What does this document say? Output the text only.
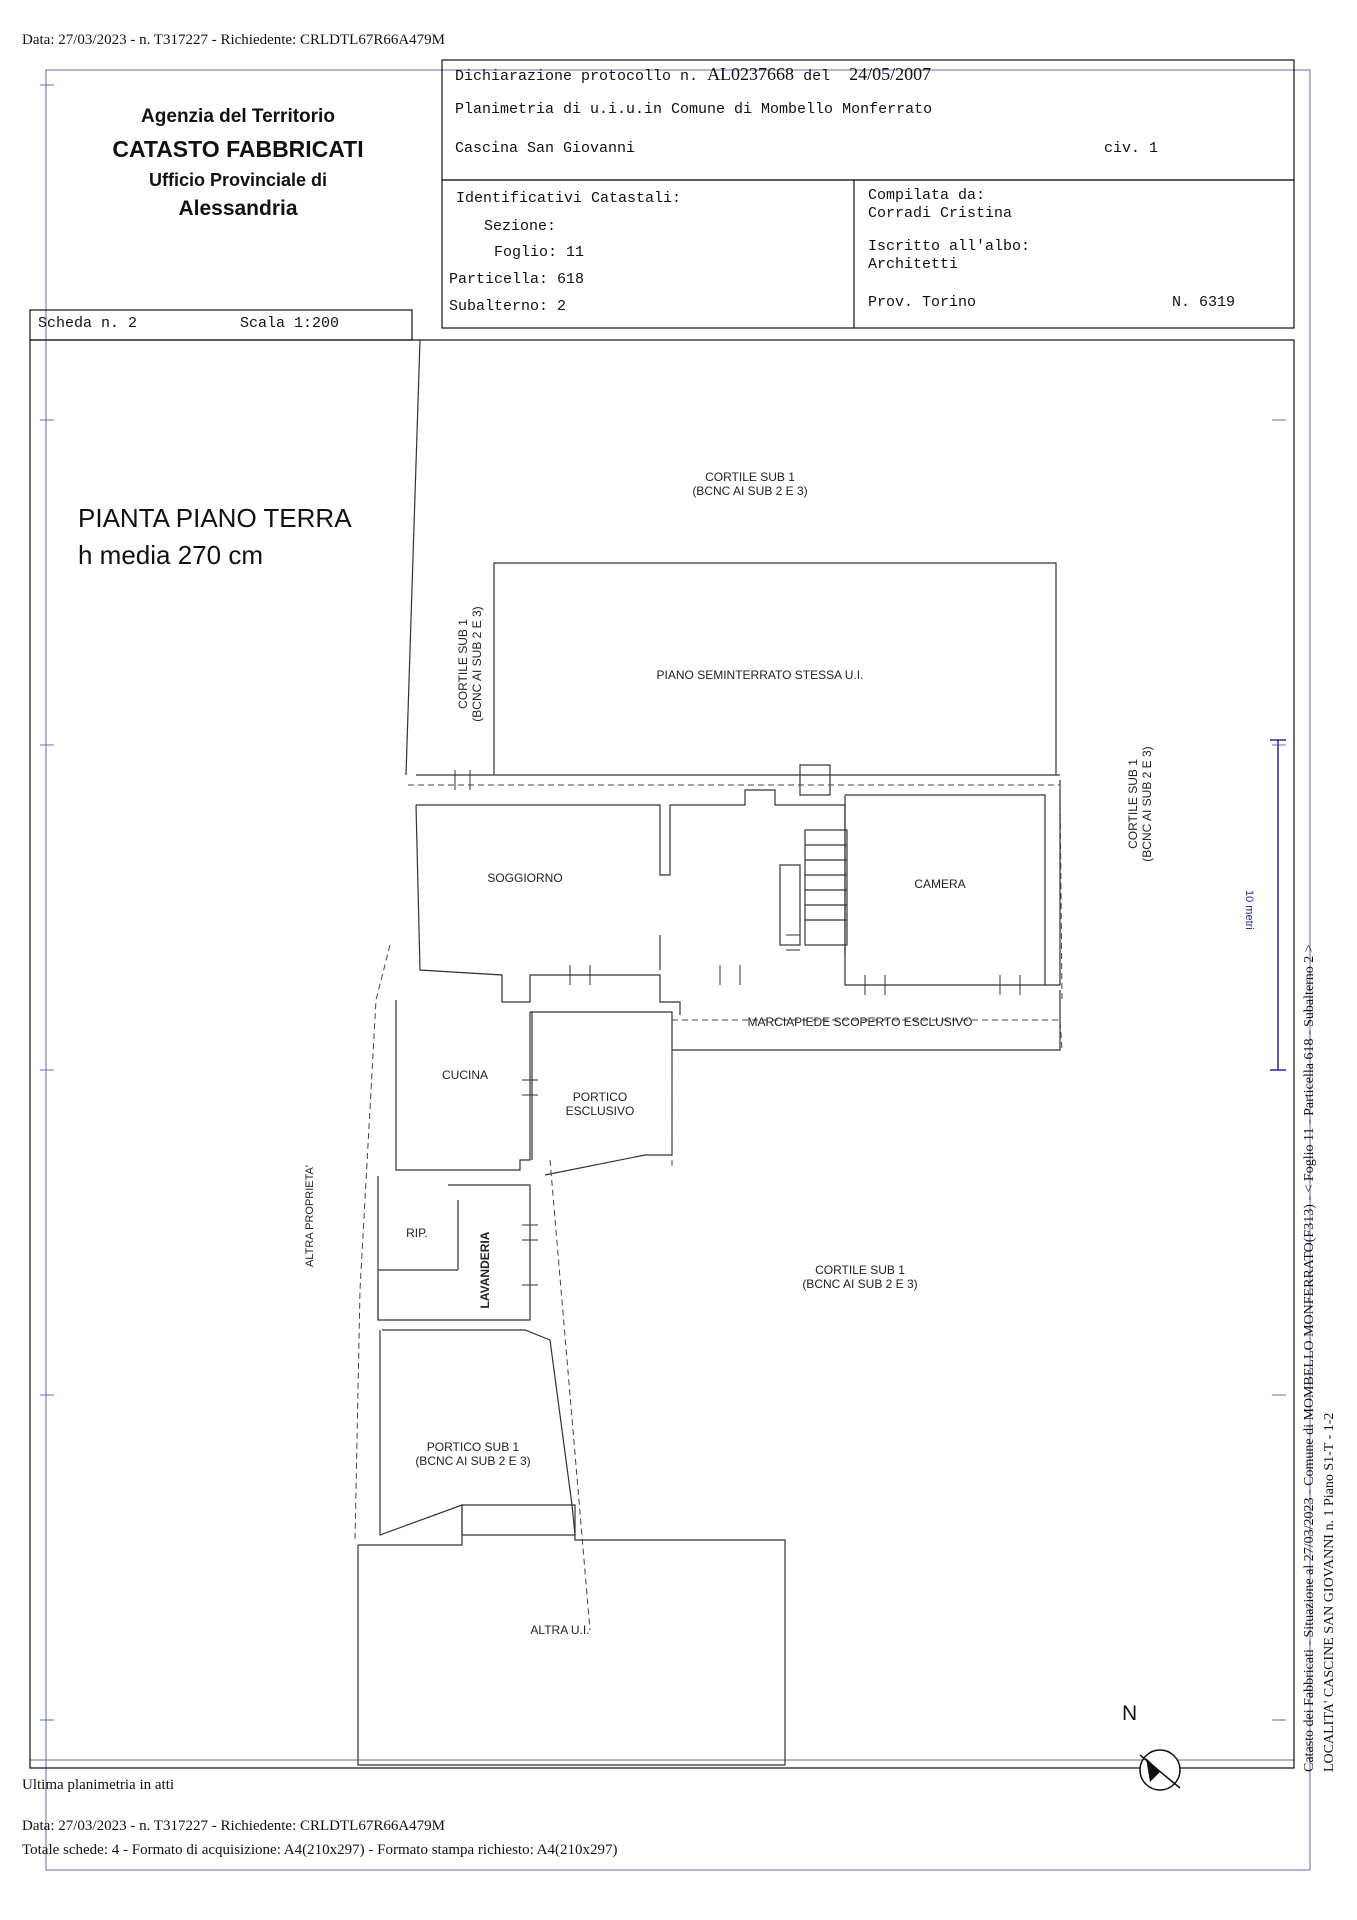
Data: 27/03/2023 - n. T317227 - Richiedente: CRLDTL67R66A479M
Agenzia del Territorio
CATASTO FABBRICATI
Ufficio Provinciale di
Alessandria
Dichiarazione protocollo n. AL0237668 del 24/05/2007
Planimetria di u.i.u.in Comune di Mombello Monferrato
Cascina San Giovanni	civ. 1
Identificativi Catastali:
Sezione:
Foglio: 11
Particella: 618
Subalterno: 2
Compilata da:
Corradi Cristina
Iscritto all'albo:
Architetti
Prov. Torino	N. 6319
Scheda n. 2	Scala 1:200
PIANTA PIANO TERRA
h media 270 cm
CORTILE SUB 1
(BCNC AI SUB 2 E 3)
PIANO SEMINTERRATO STESSA U.I.
CORTILE SUB 1 (BCNC AI SUB 2 E 3)
CORTILE SUB 1 (BCNC AI SUB 2 E 3)
SOGGIORNO	CAMERA
MARCIAPIEDE SCOPERTO ESCLUSIVO
CUCINA
PORTICO
ESCLUSIVO
ALTRA PROPRIETA'	RIP.	LAVANDERIA	CORTILE SUB 1
(BCNC AI SUB 2 E 3)
PORTICO SUB 1
(BCNC AI SUB 2 E 3)
ALTRA U.I.
N
10 metri
Catasto dei Fabbricati - Situazione al 27/03/2023 - Comune di MOMBELLO MONFERRATO(F313) - < Foglio 11 - Particella 618 - Subalterno 2 > LOCALITA' CASCINE SAN GIOVANNI n. 1 Piano S1-T - 1-2
Ultima planimetria in atti
Data: 27/03/2023 - n. T317227 - Richiedente: CRLDTL67R66A479M
Totale schede: 4 - Formato di acquisizione: A4(210x297) - Formato stampa richiesto: A4(210x297)
